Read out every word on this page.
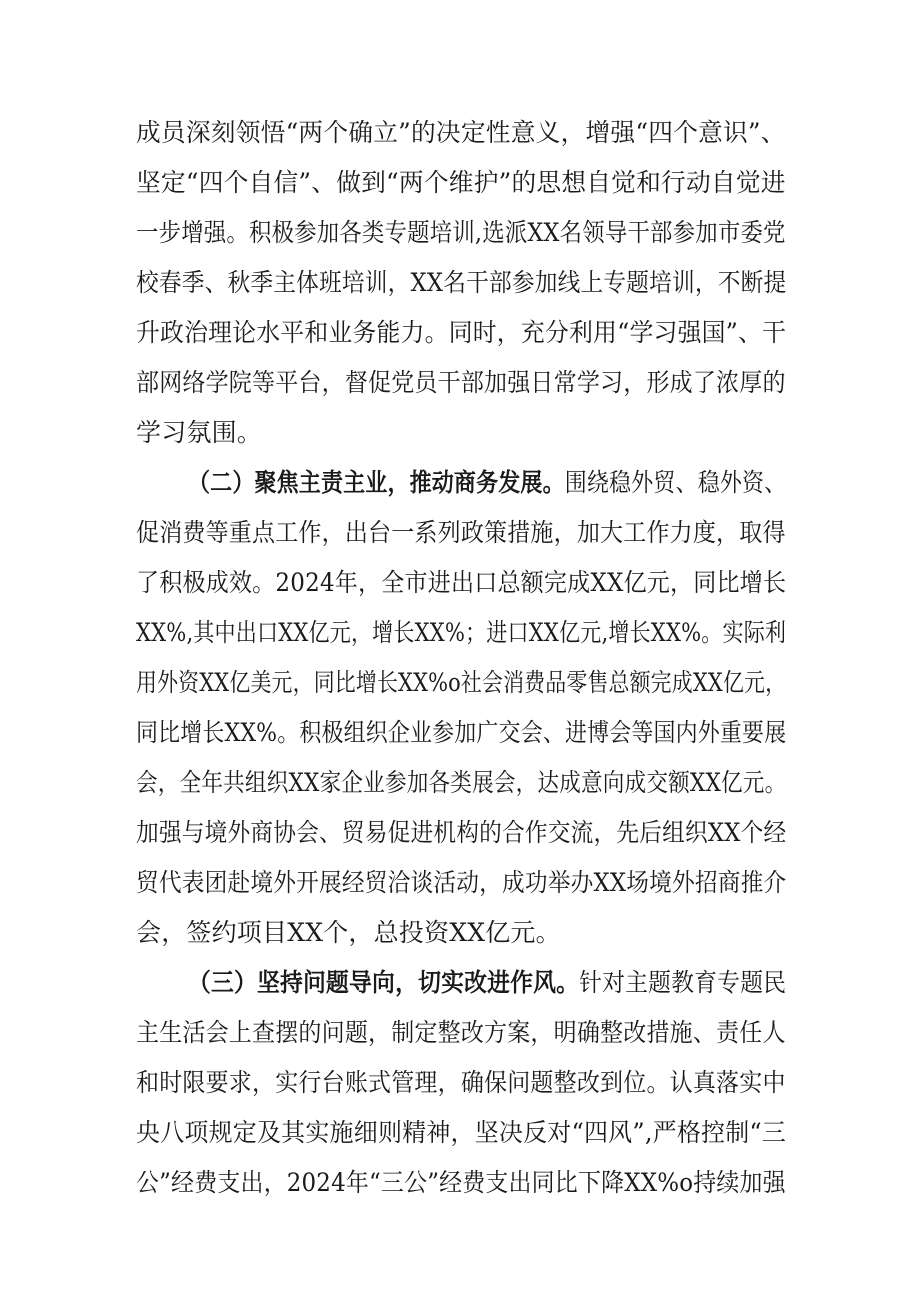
成员深刻领悟“两个确立”的决定性意义，增强“四个意识”、
坚定“四个自信”、做到“两个维护”的思想自觉和行动自觉进
一步增强。积极参加各类专题培训,选派XX名领导干部参加市委党
校春季、秋季主体班培训，XX名干部参加线上专题培训，不断提
升政治理论水平和业务能力。同时，充分利用“学习强国”、干
部网络学院等平台，督促党员干部加强日常学习，形成了浓厚的
学习氛围。
（二）聚焦主责主业，推动商务发展。围绕稳外贸、稳外资、
促消费等重点工作，出台一系列政策措施，加大工作力度，取得
了积极成效。2024年，全市进出口总额完成XX亿元，同比增长
XX%,其中出口XX亿元，增长XX%；进口XX亿元,增长XX%。实际利
用外资XX亿美元，同比增长XX%o社会消费品零售总额完成XX亿元，
同比增长XX%。积极组织企业参加广交会、进博会等国内外重要展
会，全年共组织XX家企业参加各类展会，达成意向成交额XX亿元。
加强与境外商协会、贸易促进机构的合作交流，先后组织XX个经
贸代表团赴境外开展经贸洽谈活动，成功举办XX场境外招商推介
会，签约项目XX个，总投资XX亿元。
（三）坚持问题导向，切实改进作风。针对主题教育专题民
主生活会上查摆的问题，制定整改方案，明确整改措施、责任人
和时限要求，实行台账式管理，确保问题整改到位。认真落实中
央八项规定及其实施细则精神，坚决反对“四风”,严格控制“三
公”经费支出，2024年“三公”经费支出同比下降XX%o持续加强
